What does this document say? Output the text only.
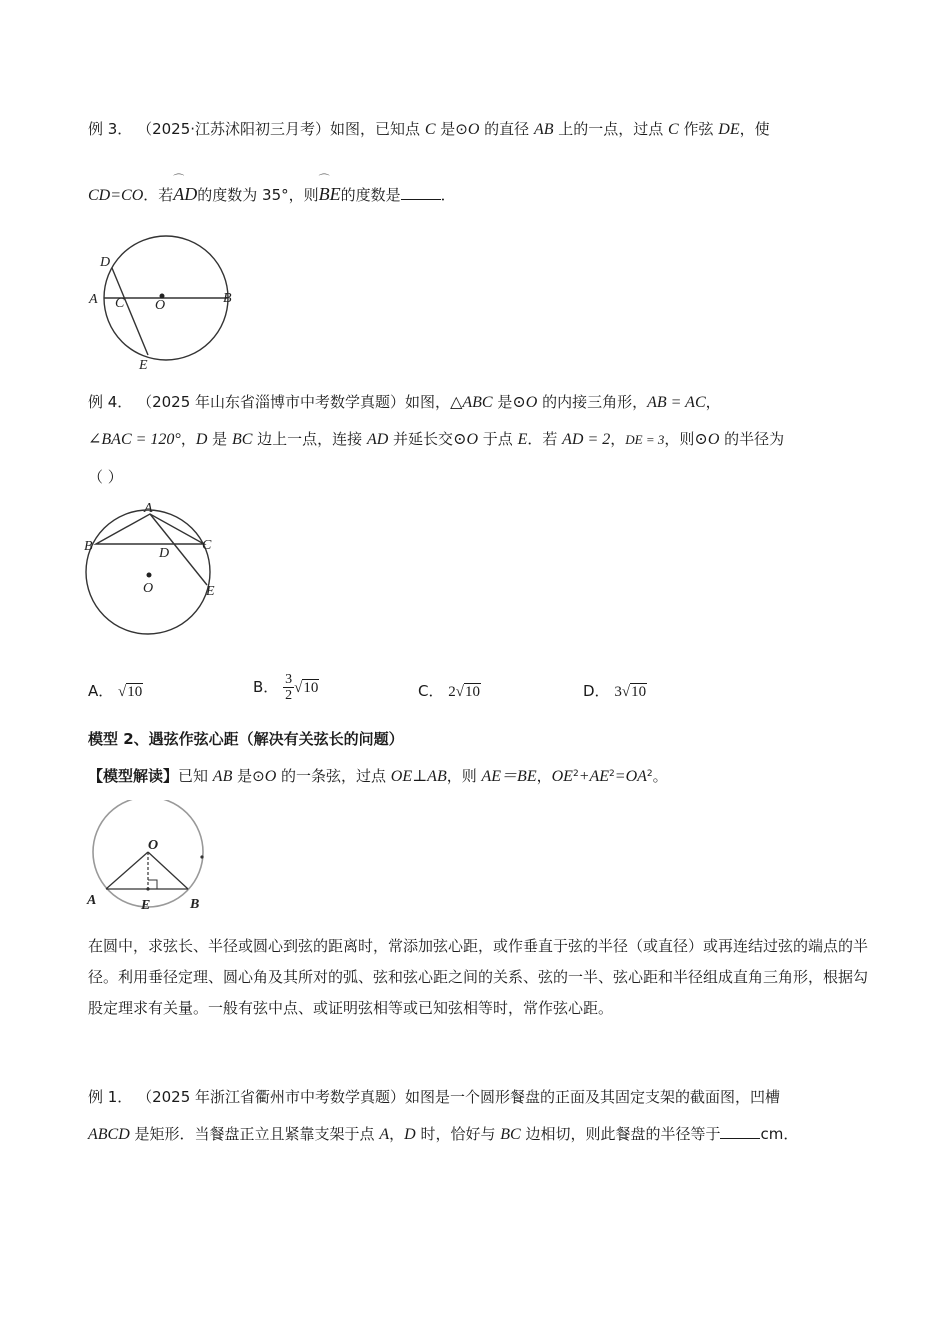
例 3． （2025·江苏沭阳初三月考）如图，已知点 C 是⊙O 的直径 AB 上的一点，过点 C 作弦 DE，使
CD=CO．若
⌒
AD的度数为 35°，则
⌒
BE的度数是	．
D
A C O	B
E
例 4． （2025 年山东省淄博市中考数学真题）如图，△ABC 是⊙O 的内接三角形，AB = AC，
∠BAC = 120°，D 是 BC 边上一点，连接 AD 并延长交⊙O 于点 E．若 AD = 2，DE = 3，则⊙O 的半径为
（ ）
A
B	C
D
O	E
A． √10	B． $\frac{3}{2} √10$	C． 2√10	D． 3√10
模型 2、遇弦作弦心距（解决有关弦长的问题）
【模型解读】已知 AB 是⊙O 的一条弦，过点 OE⊥AB，则 AE＝BE，$OE^2+AE^2=OA^2$。
O
A	E	B
在圆中，求弦长、半径或圆心到弦的距离时，常添加弦心距，或作垂直于弦的半径（或直径）或再连结过弦的端点的半径。利用垂径定理、圆心角及其所对的弧、弦和弦心距之间的关系、弦的一半、弦心距和半径组成直角三角形，根据勾股定理求有关量。一般有弦中点、或证明弦相等或已知弦相等时，常作弦心距。
例 1． （2025 年浙江省衢州市中考数学真题）如图是一个圆形餐盘的正面及其固定支架的截面图，凹槽
ABCD 是矩形．当餐盘正立且紧靠支架于点 A，D 时，恰好与 BC 边相切，则此餐盘的半径等于	cm．
